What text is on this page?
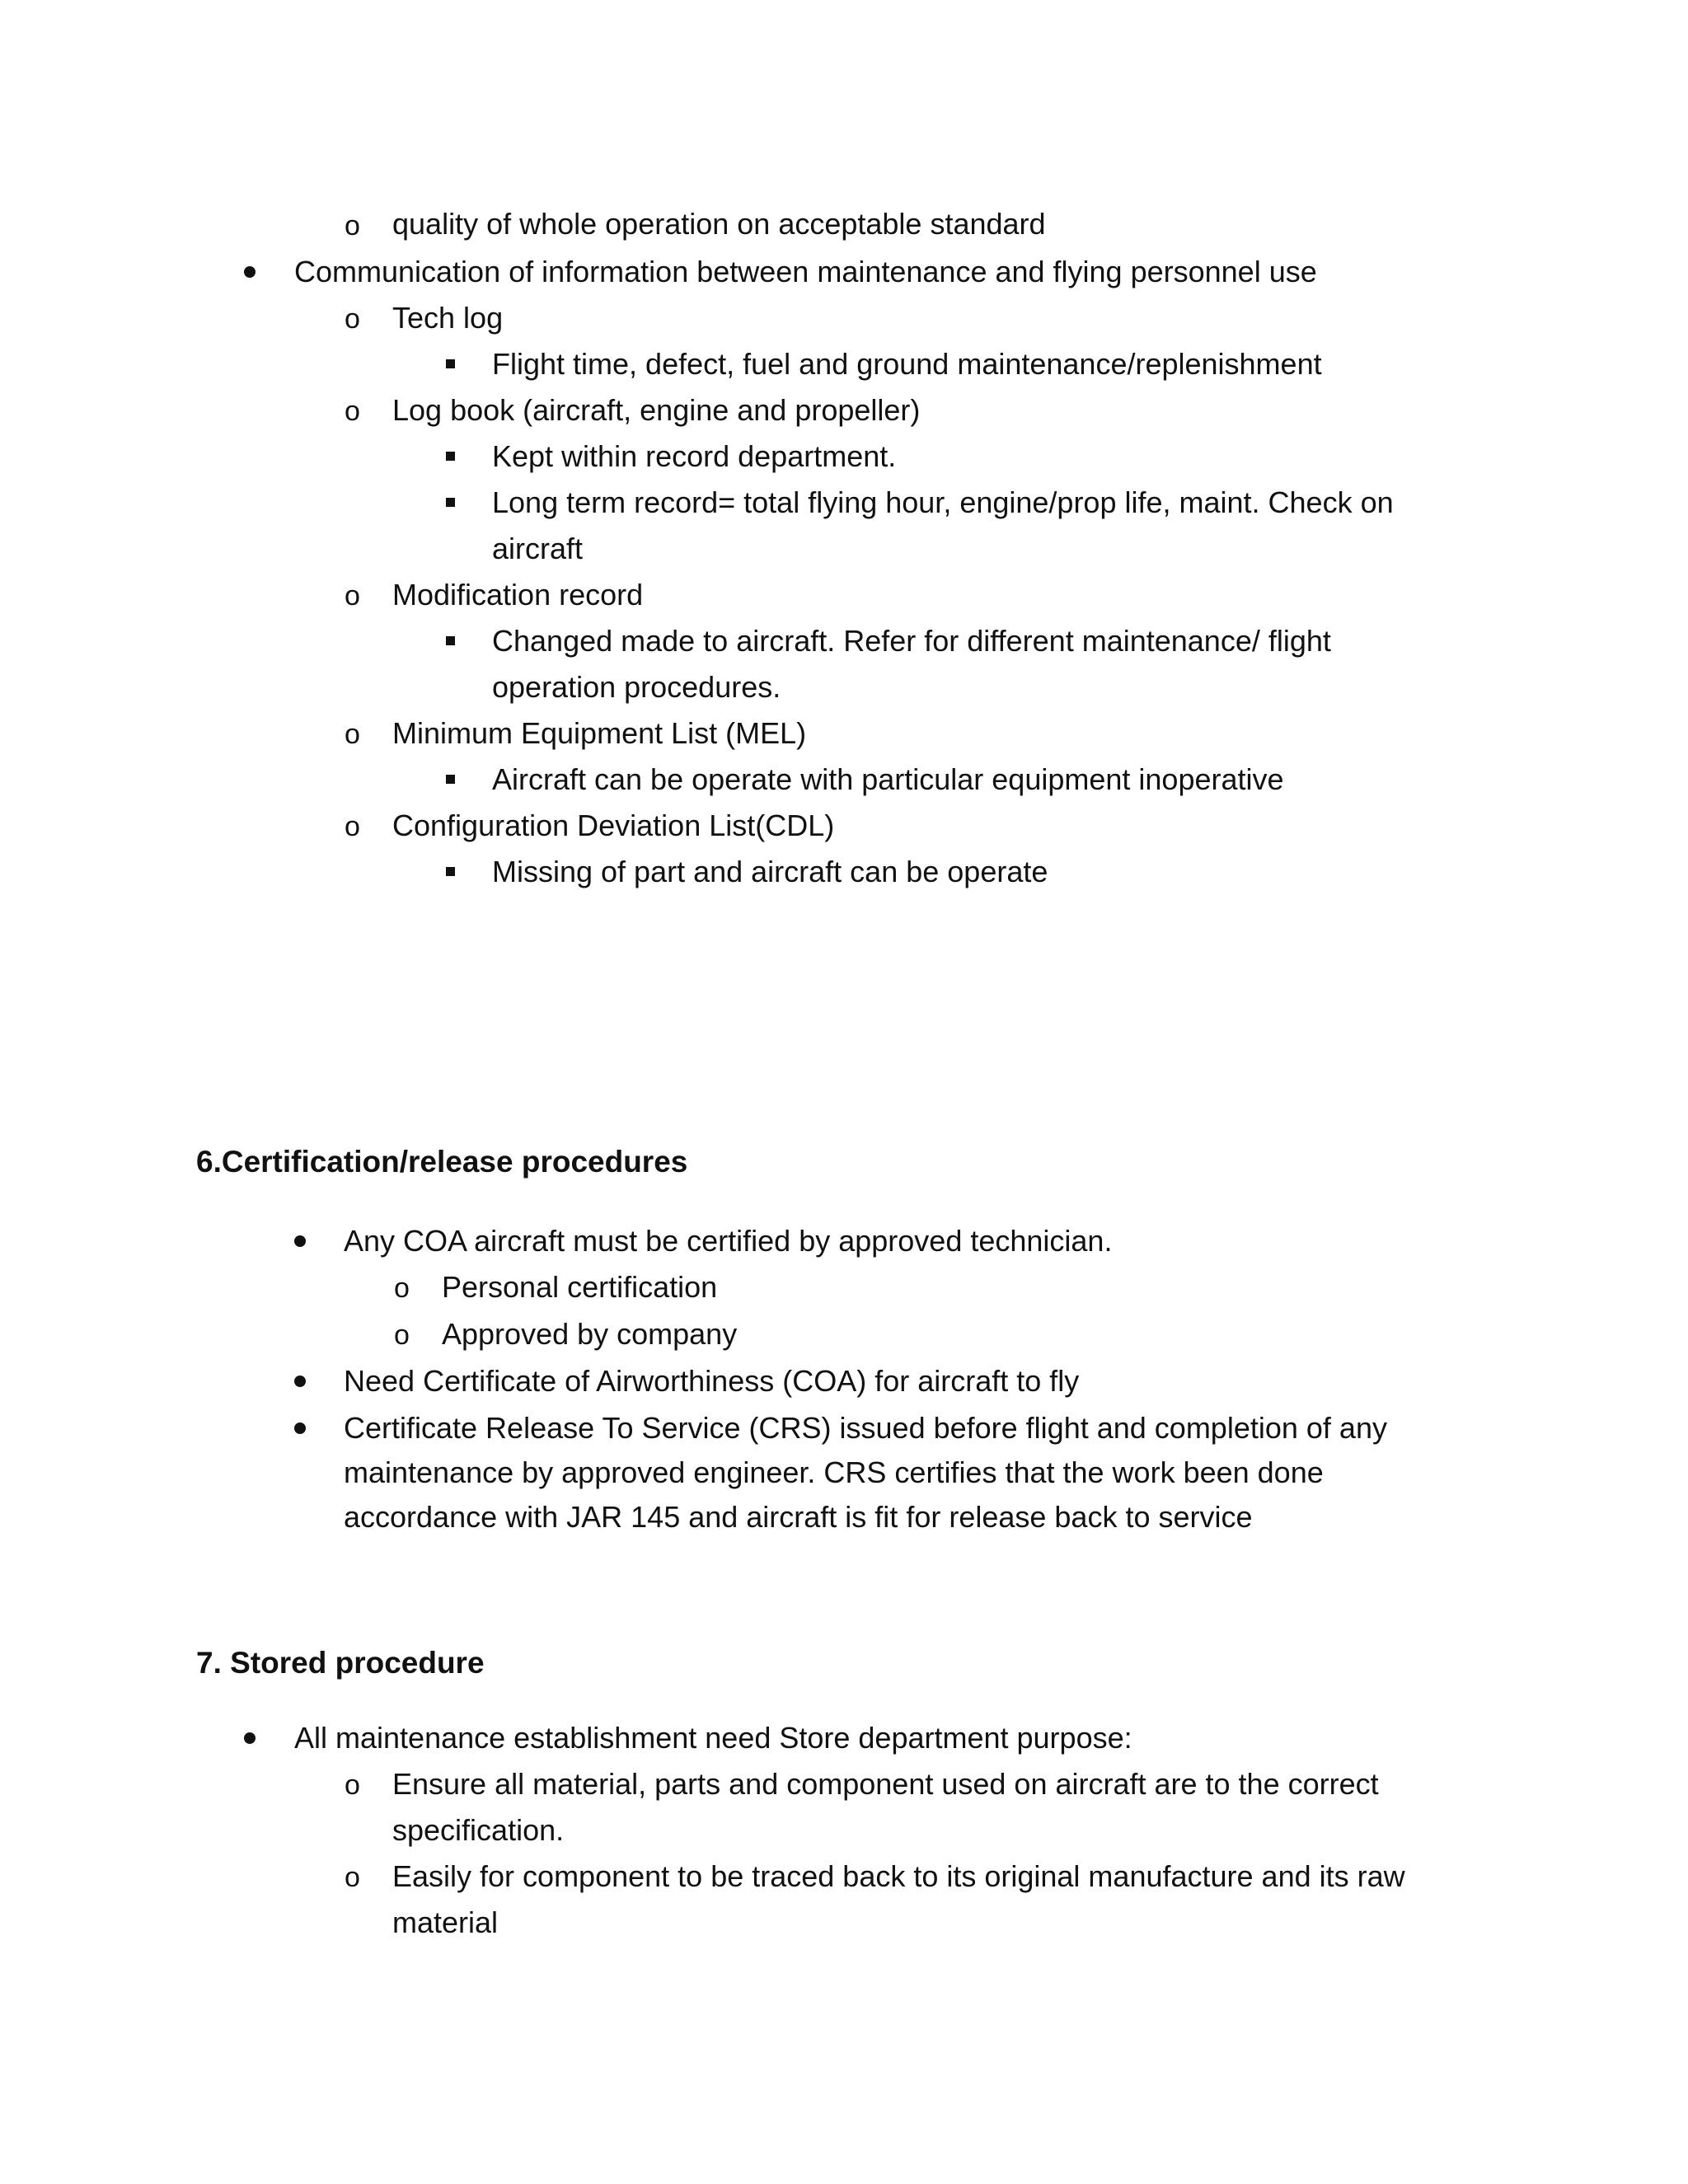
o quality of whole operation on acceptable standard
Communication of information between maintenance and flying personnel use
o Tech log
Flight time, defect, fuel and ground maintenance/replenishment
o Log book (aircraft, engine and propeller)
Kept within record department.
Long term record= total flying hour, engine/prop life, maint. Check on
aircraft
o Modification record
Changed made to aircraft. Refer for different maintenance/ flight
operation procedures.
o Minimum Equipment List (MEL)
Aircraft can be operate with particular equipment inoperative
o Configuration Deviation List(CDL)
Missing of part and aircraft can be operate
6.Certification/release procedures
Any COA aircraft must be certified by approved technician.
o Personal certification
o Approved by company
Need Certificate of Airworthiness (COA) for aircraft to fly
Certificate Release To Service (CRS) issued before flight and completion of any
maintenance by approved engineer. CRS certifies that the work been done
accordance with JAR 145 and aircraft is fit for release back to service
7. Stored procedure
All maintenance establishment need Store department purpose:
o Ensure all material, parts and component used on aircraft are to the correct
specification.
o Easily for component to be traced back to its original manufacture and its raw
material
